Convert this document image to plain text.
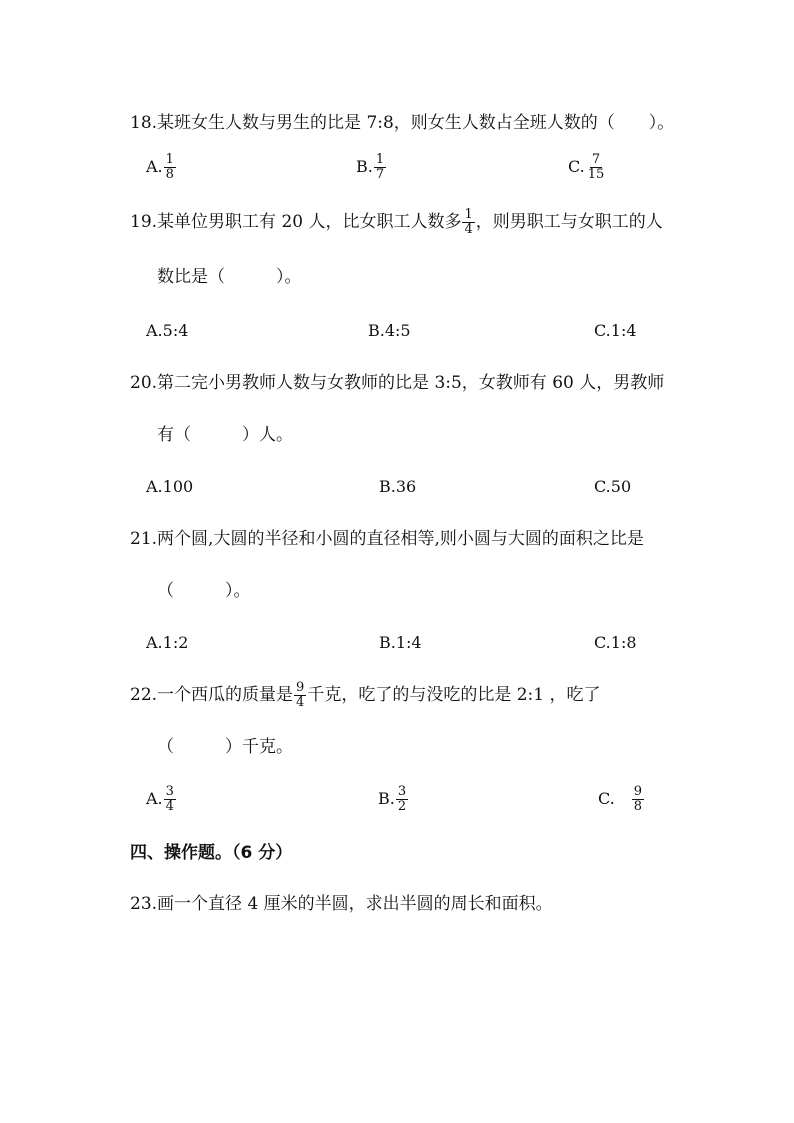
18.某班女生人数与男生的比是 7:8，则女生人数占全班人数的（　　）。
A. $\frac{1}{8}$	B. $\frac{1}{7}$	C. $\frac{7}{15}$
19.某单位男职工有 20 人，比女职工人数多 $\frac{1}{4}$ ，则男职工与女职工的人
数比是（　　　）。
A.5:4	B.4:5	C.1:4
20.第二完小男教师人数与女教师的比是 3:5，女教师有 60 人，男教师
有（　　　）人。
A.100	B.36	C.50
21.两个圆,大圆的半径和小圆的直径相等,则小圆与大圆的面积之比是
（　　　）。
A.1:2	B.1:4	C.1:8
22.一个西瓜的质量是 $\frac{9}{4}$ 千克，吃了的与没吃的比是 2:1 ，吃了
（　　　）千克。
A. $\frac{3}{4}$	B. $\frac{3}{2}$	C.  $\frac{9}{8}$
四、操作题。（6 分）
23.画一个直径 4 厘米的半圆，求出半圆的周长和面积。
